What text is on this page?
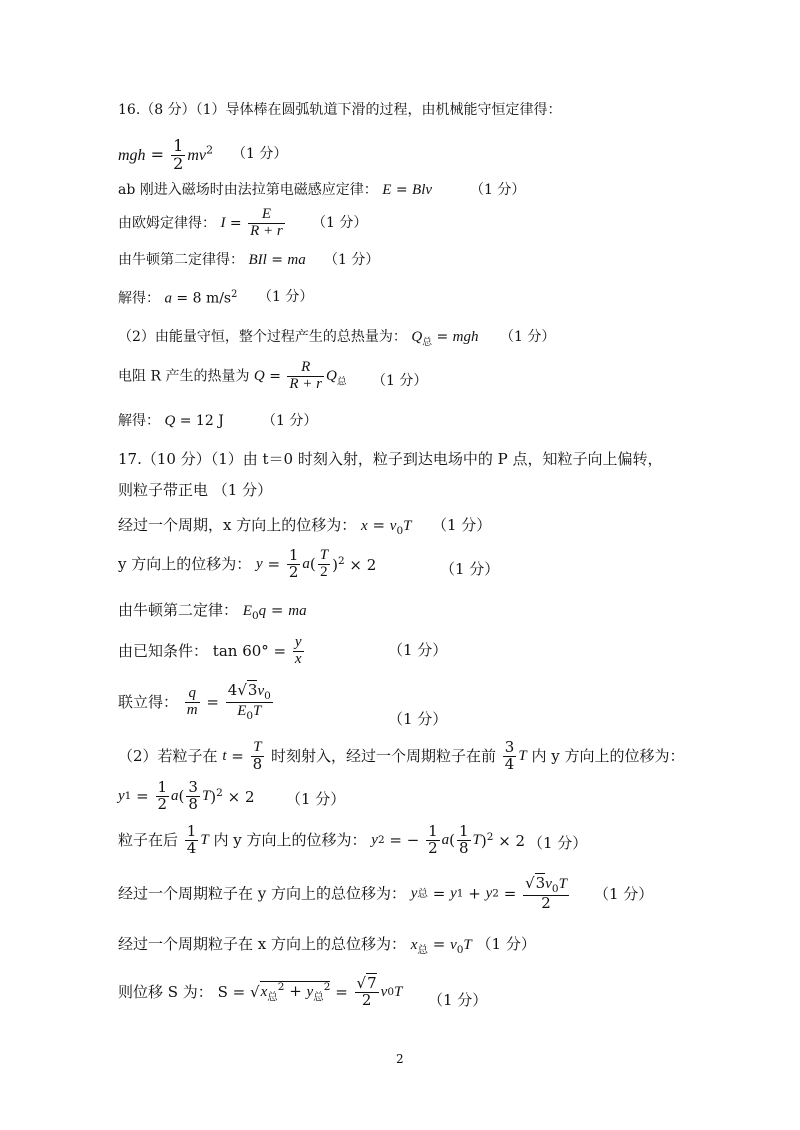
16.（8 分）（1）导体棒在圆弧轨道下滑的过程，由机械能守恒定律得：
mgh = $\frac{1}{2} mv^2$ （1 分）
ab 刚进入磁场时由法拉第电磁感应定律： E = Blv	（1 分）
由欧姆定律得： $I = \frac{E}{R + r} (1$ 分）
由牛顿第二定律得： BIl = ma （1 分）
解得： a = 8 $m/s^2$ （1 分）
（2）由能量守恒，整个过程产生的总热量为： $Q_总$ = mgh （1 分）
电阻 R 产生的热量为 $Q = \frac{R}{R + r} Q_总$ （1 分）
解得： Q = 12 J	（1 分）
17.（10 分）（1）由 t＝0 时刻入射，粒子到达电场中的 P 点，知粒子向上偏转，
则粒子带正电 （1 分）
经过一个周期，x 方向上的位移为： $x = v_0T$ （1 分）
y 方向上的位移为： $y = \frac{1}{2} a( \frac{T}{2} )^2 \times 2$	（1 分）
由牛顿第二定律： $E_0q$ = ma
由已知条件： $\tan 60^\circ = \frac{y}{x}$	（1 分）
联立得： $\frac{q}{m} = \frac{4√3v_0}{E_0T}$	（1 分）
（2）若粒子在 $t = \frac{T}{8}$ 时刻射入，经过一个周期粒子在前 $\frac{3}{4}$ T 内 y 方向上的位移为：
$y1 = \frac{1}{2} a( \frac{3}{8} T)^2 \times 2$ （1 分）
粒子在后 $\frac{1}{4}$ T 内 y 方向上的位移为： y2 = − $\frac{1}{2} a( \frac{1}{8} T)^2 \times 2$ （1 分）
经过一个周期粒子在 y 方向上的总位移为： y总 = $y1 + y2 = \frac{√3v_0T}{2} (1$ 分）
经过一个周期粒子在 x 方向上的总位移为： $x_总 = v_0T$ （1 分）
则位移 S 为： $S = √x_总^2 + y_总^2 = \frac{√7}{2} v0T$ （1 分）
2
